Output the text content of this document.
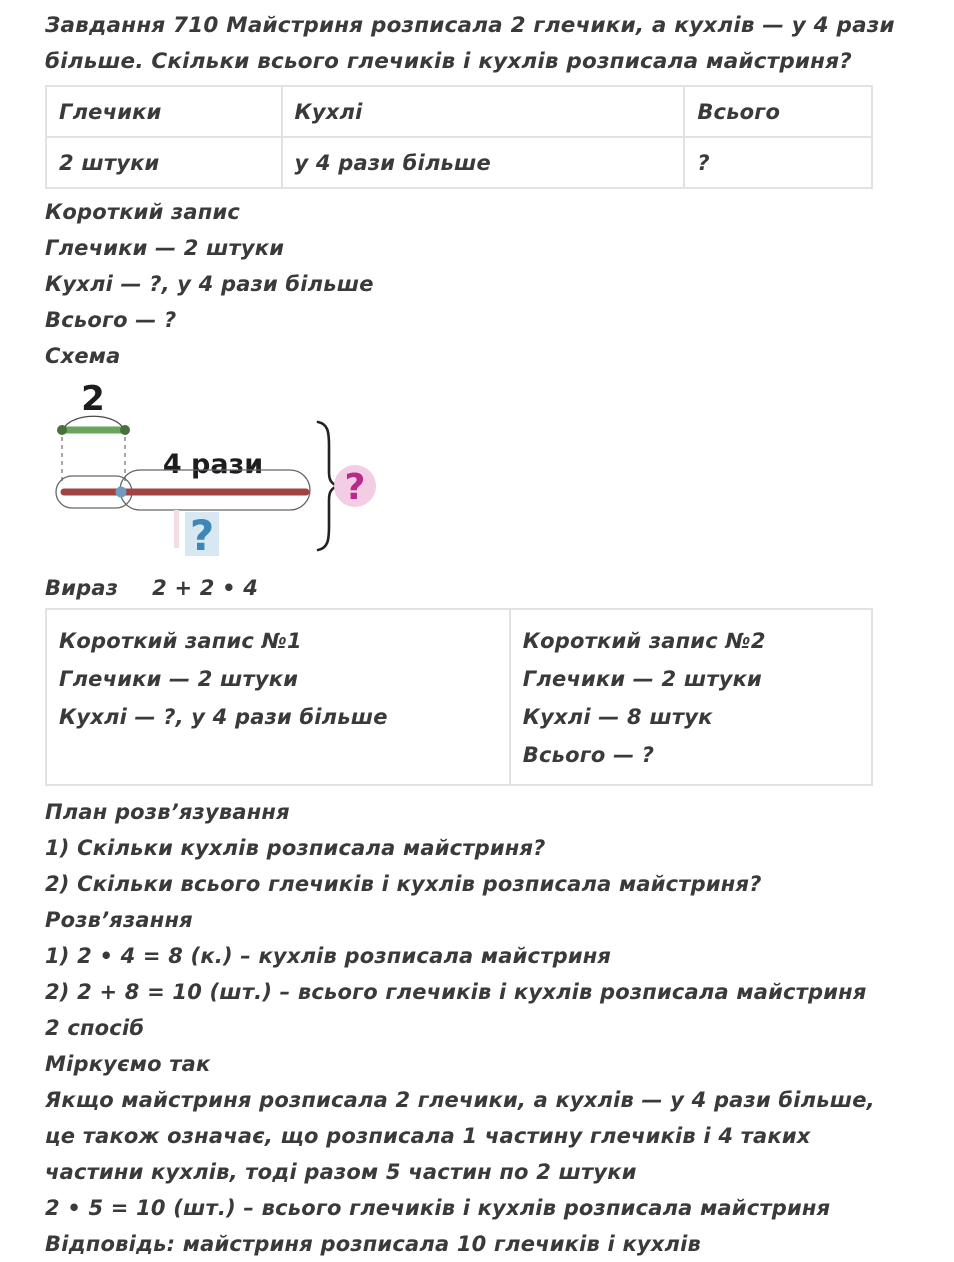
Завдання 710 Майстриня розписала 2 глечики, а кухлів — у 4 рази більше. Скільки всього глечиків і кухлів розписала майстриня?

Глечики	Кухлі	Всього
2 штуки	у 4 рази більше	?

Короткий запис

Глечики — 2 штуки

Кухлі — ?, у 4 рази більше

Всього — ?

Схема

2
4 рази
?
?
Вираз 2 + 2 • 4

Короткий запис №1

Глечики — 2 штуки

Кухлі — ?, у 4 рази більше

Короткий запис №2

Глечики — 2 штуки

Кухлі — 8 штук

Всього — ?

План розв’язування

1) Скільки кухлів розписала майстриня?

2) Скільки всього глечиків і кухлів розписала майстриня?

Розв’язання

1) 2 • 4 = 8 (к.) – кухлів розписала майстриня

2) 2 + 8 = 10 (шт.) – всього глечиків і кухлів розписала майстриня

2 спосіб

Міркуємо так

Якщо майстриня розписала 2 глечики, а кухлів — у 4 рази більше, це також означає, що розписала 1 частину глечиків і 4 таких частини кухлів, тоді разом 5 частин по 2 штуки

2 • 5 = 10 (шт.) – всього глечиків і кухлів розписала майстриня

Відповідь: майстриня розписала 10 глечиків і кухлів
